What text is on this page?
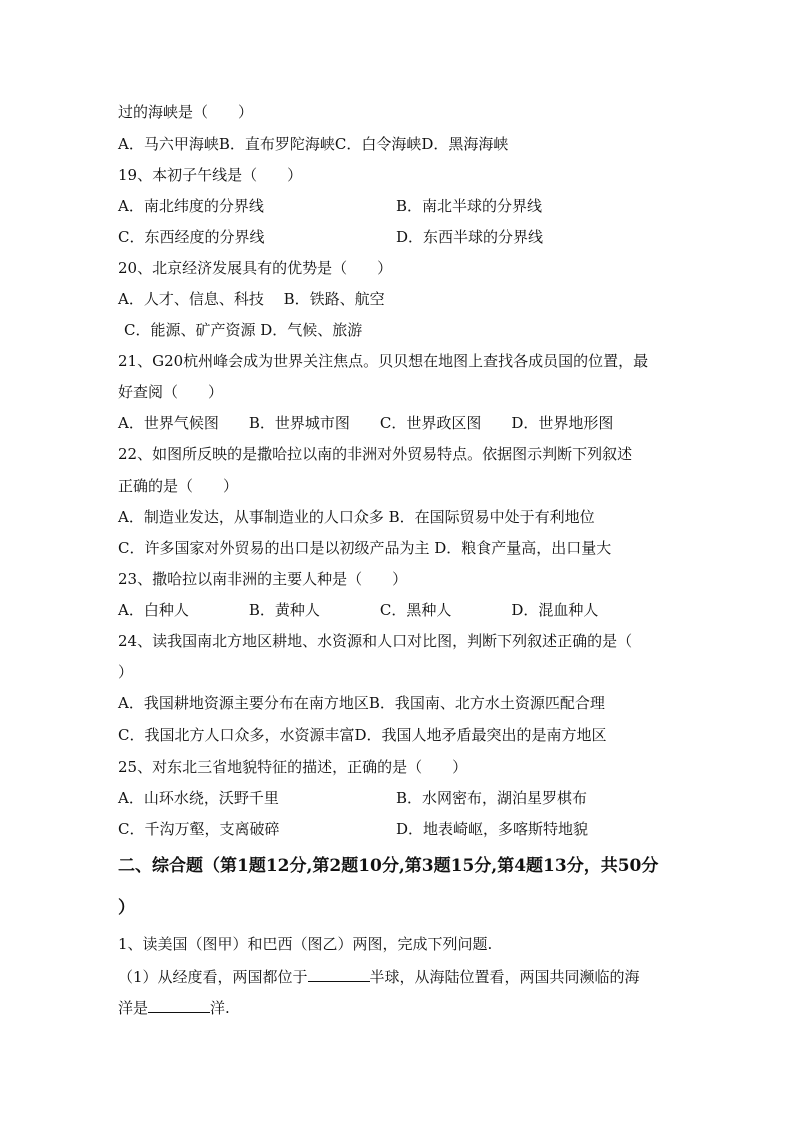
过的海峡是（　　）
A．马六甲海峡B．直布罗陀海峡C．白令海峡D．黑海海峡
19、本初子午线是（　　）
A．南北纬度的分界线	B．南北半球的分界线
C．东西经度的分界线	D．东西半球的分界线
20、北京经济发展具有的优势是（　　）
A．人才、信息、科技　 B．铁路、航空
C．能源、矿产资源 D．气候、旅游
21、G20杭州峰会成为世界关注焦点。贝贝想在地图上查找各成员国的位置，最
好查阅（　　）
A．世界气候图　　B．世界城市图　　C．世界政区图　　D．世界地形图
22、如图所反映的是撒哈拉以南的非洲对外贸易特点。依据图示判断下列叙述
正确的是（　　）
A．制造业发达，从事制造业的人口众多 B．在国际贸易中处于有利地位
C．许多国家对外贸易的出口是以初级产品为主 D．粮食产量高，出口量大
23、撒哈拉以南非洲的主要人种是（　　）
A．白种人　　　　B．黄种人　　　　C．黑种人　　　　D．混血种人
24、读我国南北方地区耕地、水资源和人口对比图，判断下列叙述正确的是（
）
A．我国耕地资源主要分布在南方地区B．我国南、北方水土资源匹配合理
C．我国北方人口众多，水资源丰富D．我国人地矛盾最突出的是南方地区
25、对东北三省地貌特征的描述，正确的是（　　）
A．山环水绕，沃野千里	B．水网密布，湖泊星罗棋布
C．千沟万壑，支离破碎	D．地表崎岖，多喀斯特地貌
二、综合题（第1题12分,第2题10分,第3题15分,第4题13分，共50分
）
1、读美国（图甲）和巴西（图乙）两图，完成下列问题.
（1）从经度看，两国都位于	半球，从海陆位置看，两国共同濒临的海
洋是	洋.
